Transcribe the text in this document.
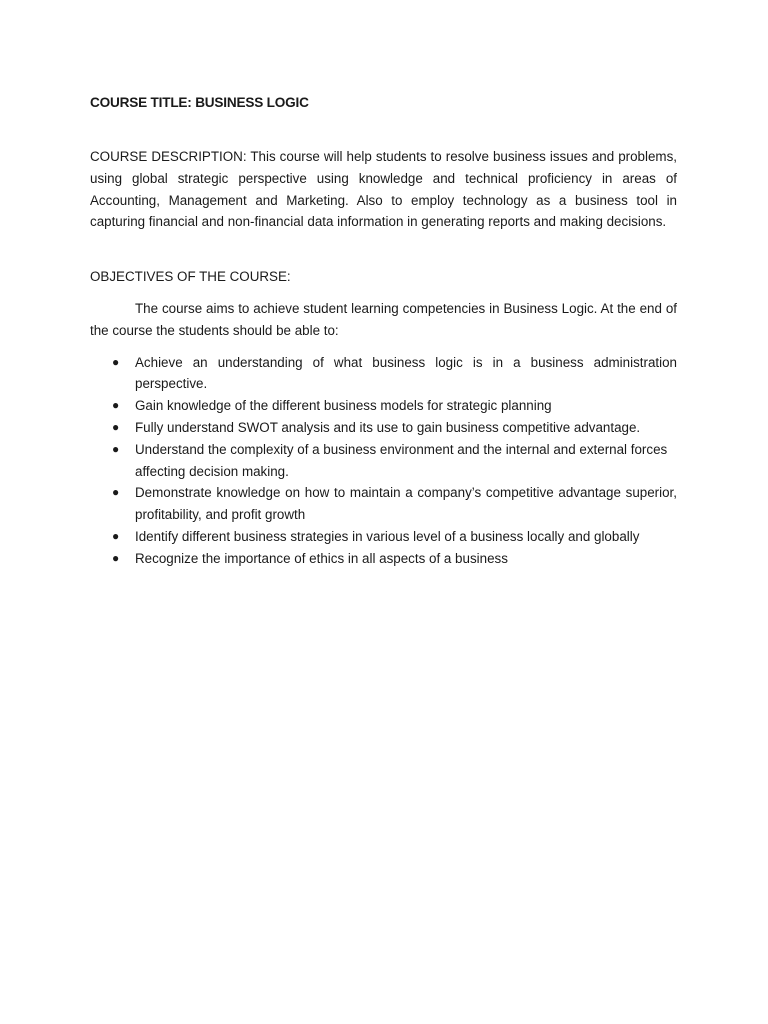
COURSE TITLE: BUSINESS LOGIC

COURSE DESCRIPTION: This course will help students to resolve business issues and problems, using global strategic perspective using knowledge and technical proficiency in areas of Accounting, Management and Marketing. Also to employ technology as a business tool in capturing financial and non-financial data information in generating reports and making decisions.

OBJECTIVES OF THE COURSE:

The course aims to achieve student learning competencies in Business Logic. At the end of the course the students should be able to:

● Achieve an understanding of what business logic is in a business administration perspective.
● Gain knowledge of the different business models for strategic planning
● Fully understand SWOT analysis and its use to gain business competitive advantage.
● Understand the complexity of a business environment and the internal and external forces
affecting decision making.
● Demonstrate knowledge on how to maintain a company’s competitive advantage superior, profitability, and profit growth
● Identify different business strategies in various level of a business locally and globally
● Recognize the importance of ethics in all aspects of a business
